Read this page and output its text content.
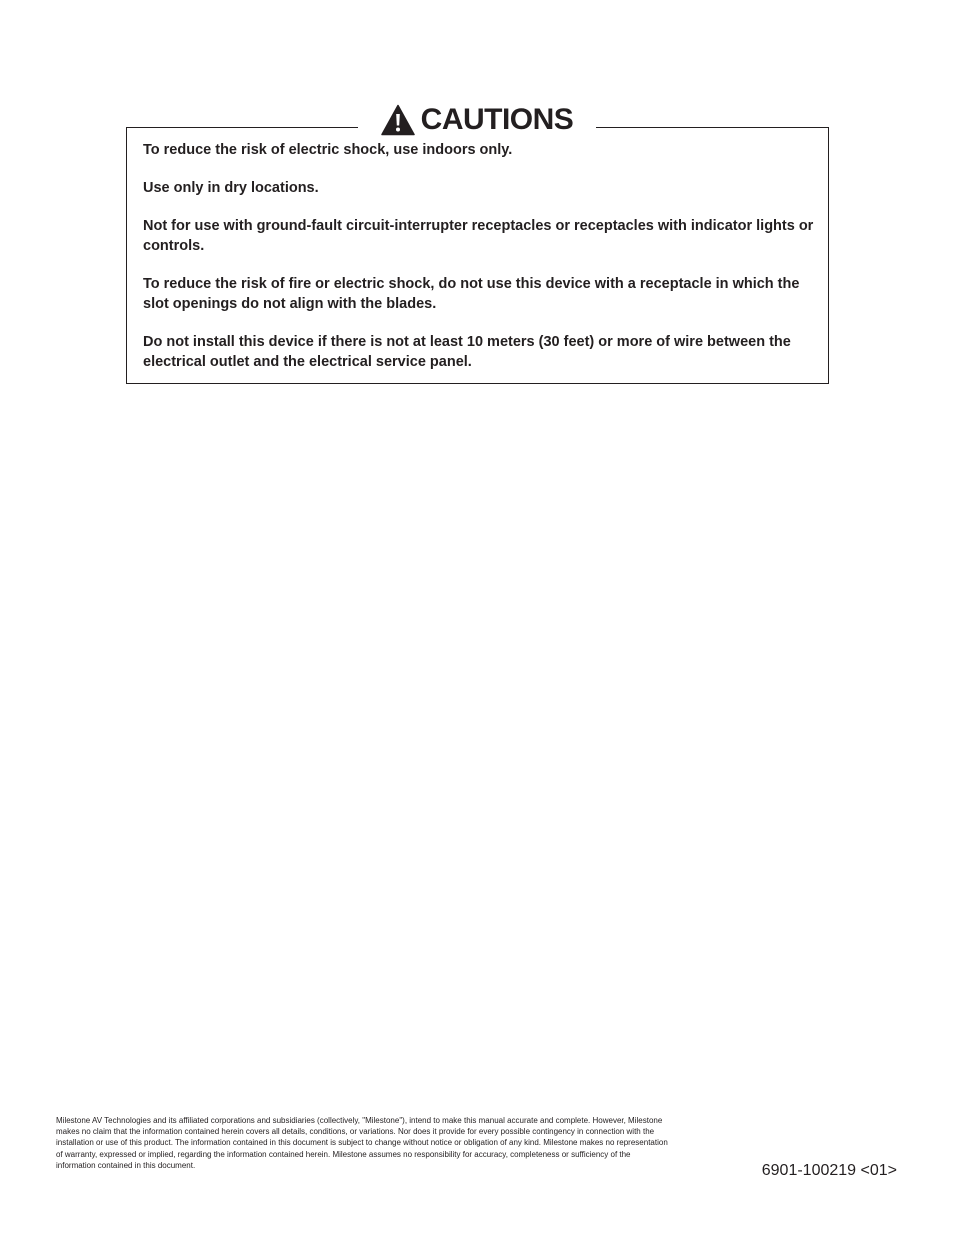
CAUTIONS
To reduce the risk of electric shock, use indoors only.
Use only in dry locations.
Not for use with ground-fault circuit-interrupter receptacles or receptacles with indicator lights or controls.
To reduce the risk of fire or electric shock, do not use this device with a receptacle in which the slot openings do not align with the blades.
Do not install this device if there is not at least 10 meters (30 feet) or more of wire between the electrical outlet and the electrical service panel.

Milestone AV Technologies and its affiliated corporations and subsidiaries (collectively, "Milestone"), intend to make this manual accurate and complete. However, Milestone makes no claim that the information contained herein covers all details, conditions, or variations. Nor does it provide for every possible contingency in connection with the installation or use of this product. The information contained in this document is subject to change without notice or obligation of any kind. Milestone makes no representation of warranty, expressed or implied, regarding the information contained herein. Milestone assumes no responsibility for accuracy, completeness or sufficiency of the information contained in this document.	6901-100219 <01>
